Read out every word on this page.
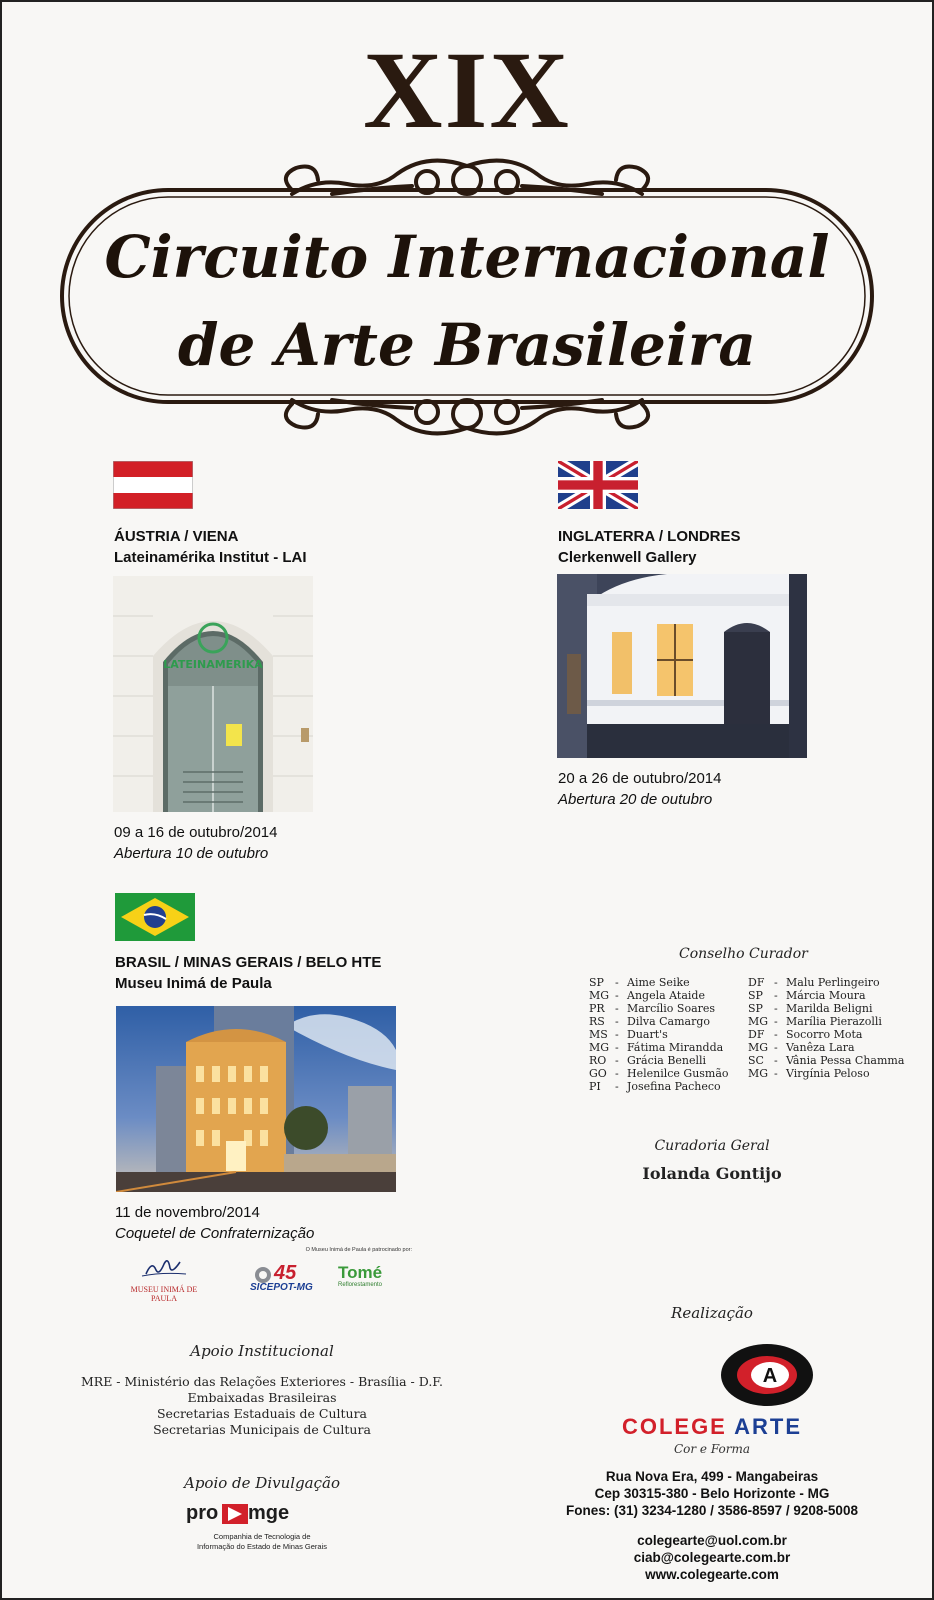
XIX
Circuito Internacional
de Arte Brasileira
ÁUSTRIA / VIENA
Lateinamérika Institut - LAI
LATEINAMERIKA
09 a 16 de outubro/2014
Abertura 10 de outubro
INGLATERRA / LONDRES
Clerkenwell Gallery
20 a 26 de outubro/2014
Abertura 20 de outubro
BRASIL / MINAS GERAIS / BELO HTE
Museu Inimá de Paula
11 de novembro/2014
Coquetel de Confraternização
O Museu Inimá de Paula é patrocinado por:
MUSEU INIMÁ DE PAULA
45
SICEPOT-MG
Tomé
Reflorestamento
Conselho Curador
SP - Aime Seike
MG - Angela Ataide
PR - Marcílio Soares
RS - Dilva Camargo
MS - Duart's
MG - Fátima Mirandda
RO - Grácia Benelli
GO - Helenilce Gusmão
PI - Josefina Pacheco
DF - Malu Perlingeiro
SP - Márcia Moura
SP - Marilda Beligni
MG - Marília Pierazolli
DF - Socorro Mota
MG - Vanêza Lara
SC - Vânia Pessa Chamma
MG - Virgínia Peloso
Curadoria Geral
Iolanda Gontijo
Apoio Institucional
MRE - Ministério das Relações Exteriores - Brasília - D.F.
Embaixadas Brasileiras
Secretarias Estaduais de Cultura
Secretarias Municipais de Cultura
Apoio de Divulgação
pro mge
Companhia de Tecnologia de
Informação do Estado de Minas Gerais
Realização
A
COLEGE ARTE
Cor e Forma
Rua Nova Era, 499 - Mangabeiras
Cep 30315-380 - Belo Horizonte - MG
Fones: (31) 3234-1280 / 3586-8597 / 9208-5008
colegearte@uol.com.br
ciab@colegearte.com.br
www.colegearte.com
